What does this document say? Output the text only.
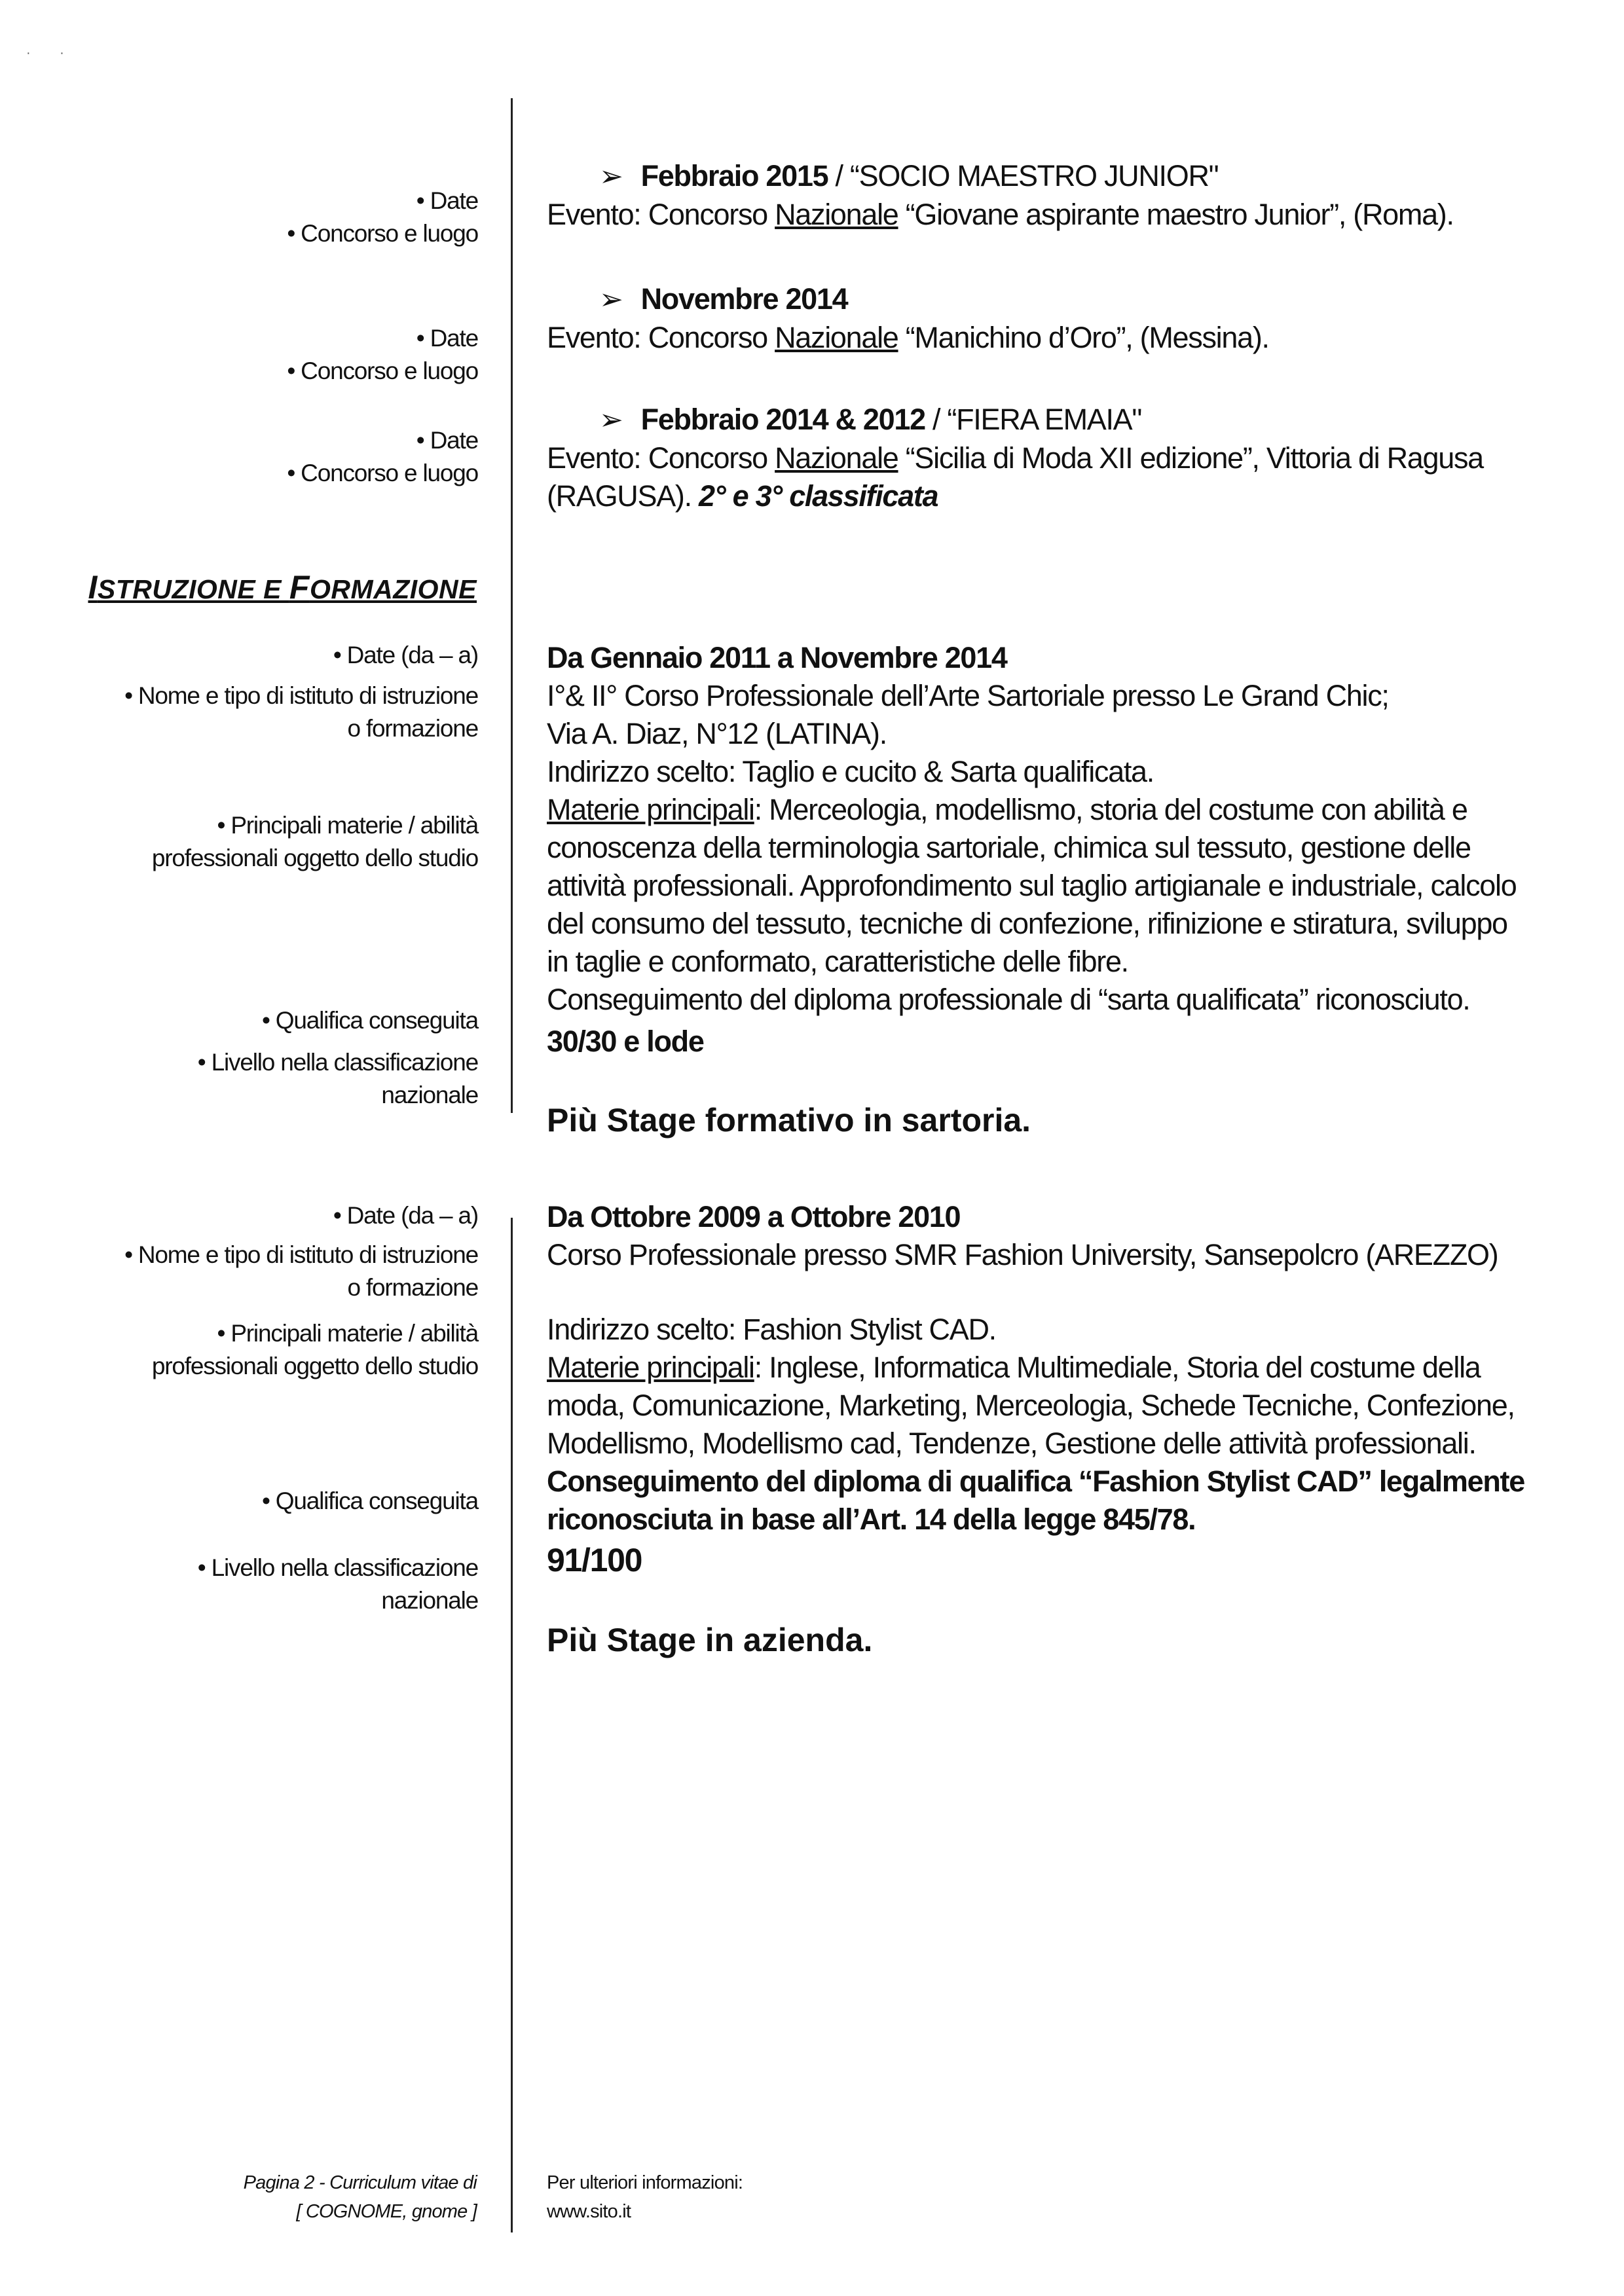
·        ·
• Date
• Concorso e luogo
• Date
• Concorso e luogo
• Date
• Concorso e luogo
➢ Febbraio 2015 / “SOCIO MAESTRO JUNIOR"
Evento: Concorso Nazionale “Giovane aspirante maestro Junior”, (Roma).
➢ Novembre 2014
Evento: Concorso Nazionale “Manichino d’Oro”, (Messina).
➢ Febbraio 2014 & 2012 / “FIERA EMAIA"
Evento: Concorso Nazionale “Sicilia di Moda XII edizione”, Vittoria di Ragusa
(RAGUSA). 2° e 3° classificata
ISTRUZIONE E FORMAZIONE
• Date (da – a)
• Nome e tipo di istituto di istruzione
o formazione
• Principali materie / abilità
professionali oggetto dello studio
• Qualifica conseguita
• Livello nella classificazione
nazionale
Da Gennaio 2011 a Novembre 2014
I°& II° Corso Professionale dell’Arte Sartoriale presso Le Grand Chic;
Via A. Diaz, N°12 (LATINA).
Indirizzo scelto: Taglio e cucito & Sarta qualificata.
Materie principali: Merceologia, modellismo, storia del costume con abilità e conoscenza della terminologia sartoriale, chimica sul tessuto, gestione delle attività professionali. Approfondimento sul taglio artigianale e industriale, calcolo del consumo del tessuto, tecniche di confezione, rifinizione e stiratura, sviluppo in taglie e conformato, caratteristiche delle fibre.
Conseguimento del diploma professionale di “sarta qualificata” riconosciuto.
30/30 e lode
Più Stage formativo in sartoria.
• Date (da – a)
• Nome e tipo di istituto di istruzione
o formazione
• Principali materie / abilità
professionali oggetto dello studio
• Qualifica conseguita
• Livello nella classificazione
nazionale
Da Ottobre 2009 a Ottobre 2010
Corso Professionale presso SMR Fashion University, Sansepolcro (AREZZO)
Indirizzo scelto: Fashion Stylist CAD.
Materie principali: Inglese, Informatica Multimediale, Storia del costume della moda, Comunicazione, Marketing, Merceologia, Schede Tecniche, Confezione, Modellismo, Modellismo cad, Tendenze, Gestione delle attività professionali.
Conseguimento del diploma di qualifica “Fashion Stylist CAD” legalmente riconosciuta in base all’Art. 14 della legge 845/78.
91/100
Più Stage in azienda.
Pagina 2 - Curriculum vitae di
[ COGNOME, gnome ]
Per ulteriori informazioni:
www.sito.it
